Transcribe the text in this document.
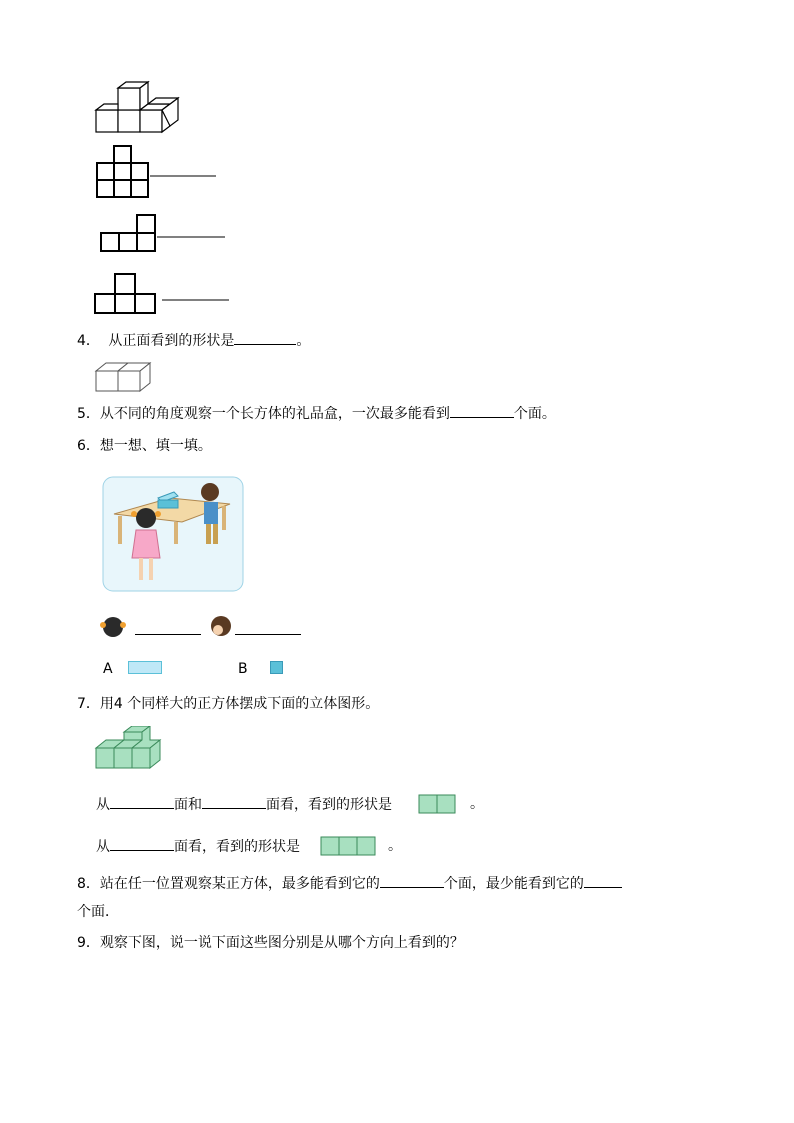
4． 从正面看到的形状是	。
5．从不同的角度观察一个长方体的礼品盒，一次最多能看到	个面。
6．想一想、填一填。
A	B
7．用4 个同样大的正方体摆成下面的立体图形。
从	面和	面看，看到的形状是	。
从	面看，看到的形状是	。
8．站在任一位置观察某正方体，最多能看到它的	个面，最少能看到它的
个面．
9．观察下图，说一说下面这些图分别是从哪个方向上看到的？
